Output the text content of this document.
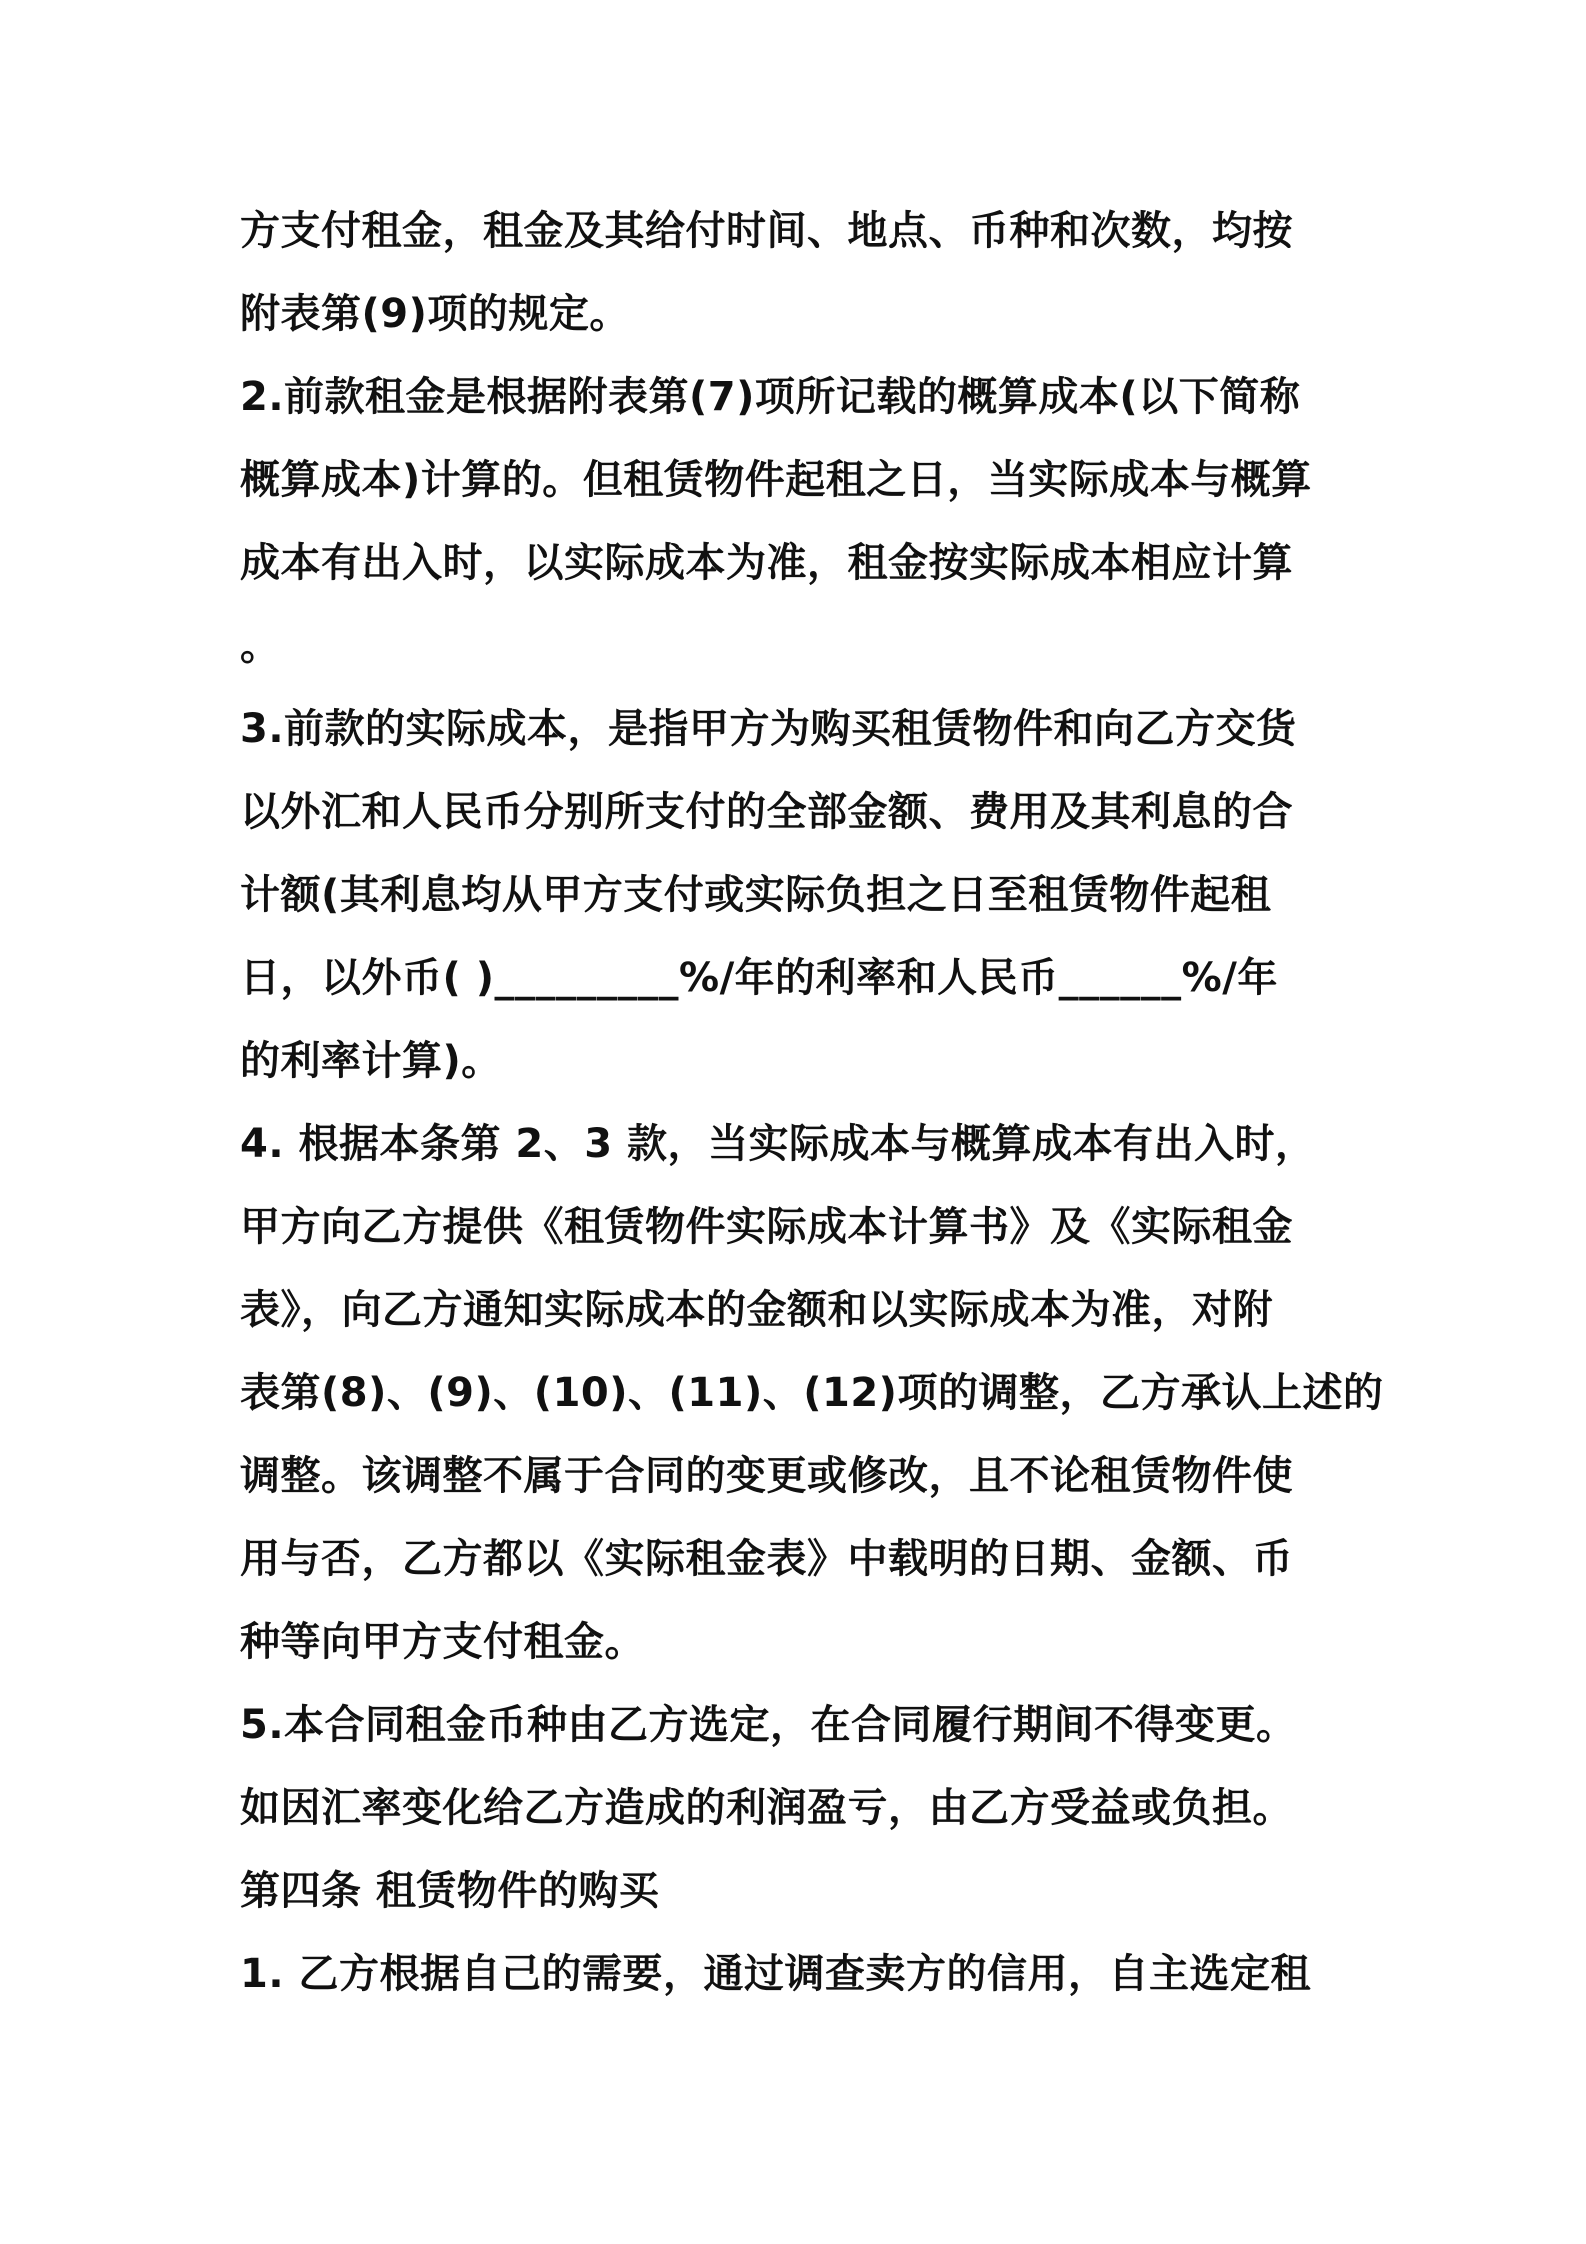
方支付租金，租金及其给付时间、地点、币种和次数，均按
附表第(9)项的规定。
2.前款租金是根据附表第(7)项所记载的概算成本(以下简称
概算成本)计算的。但租赁物件起租之日，当实际成本与概算
成本有出入时，以实际成本为准，租金按实际成本相应计算
。
3.前款的实际成本，是指甲方为购买租赁物件和向乙方交货
以外汇和人民币分别所支付的全部金额、费用及其利息的合
计额(其利息均从甲方支付或实际负担之日至租赁物件起租
日，以外币( )_________%/年的利率和人民币______%/年
的利率计算)。
4. 根据本条第 2、3 款，当实际成本与概算成本有出入时，
甲方向乙方提供《租赁物件实际成本计算书》及《实际租金
表》，向乙方通知实际成本的金额和以实际成本为准，对附
表第(8)、(9)、(10)、(11)、(12)项的调整，乙方承认上述的
调整。该调整不属于合同的变更或修改，且不论租赁物件使
用与否，乙方都以《实际租金表》中载明的日期、金额、币
种等向甲方支付租金。
5.本合同租金币种由乙方选定，在合同履行期间不得变更。
如因汇率变化给乙方造成的利润盈亏，由乙方受益或负担。
第四条 租赁物件的购买
1. 乙方根据自己的需要，通过调查卖方的信用，自主选定租
